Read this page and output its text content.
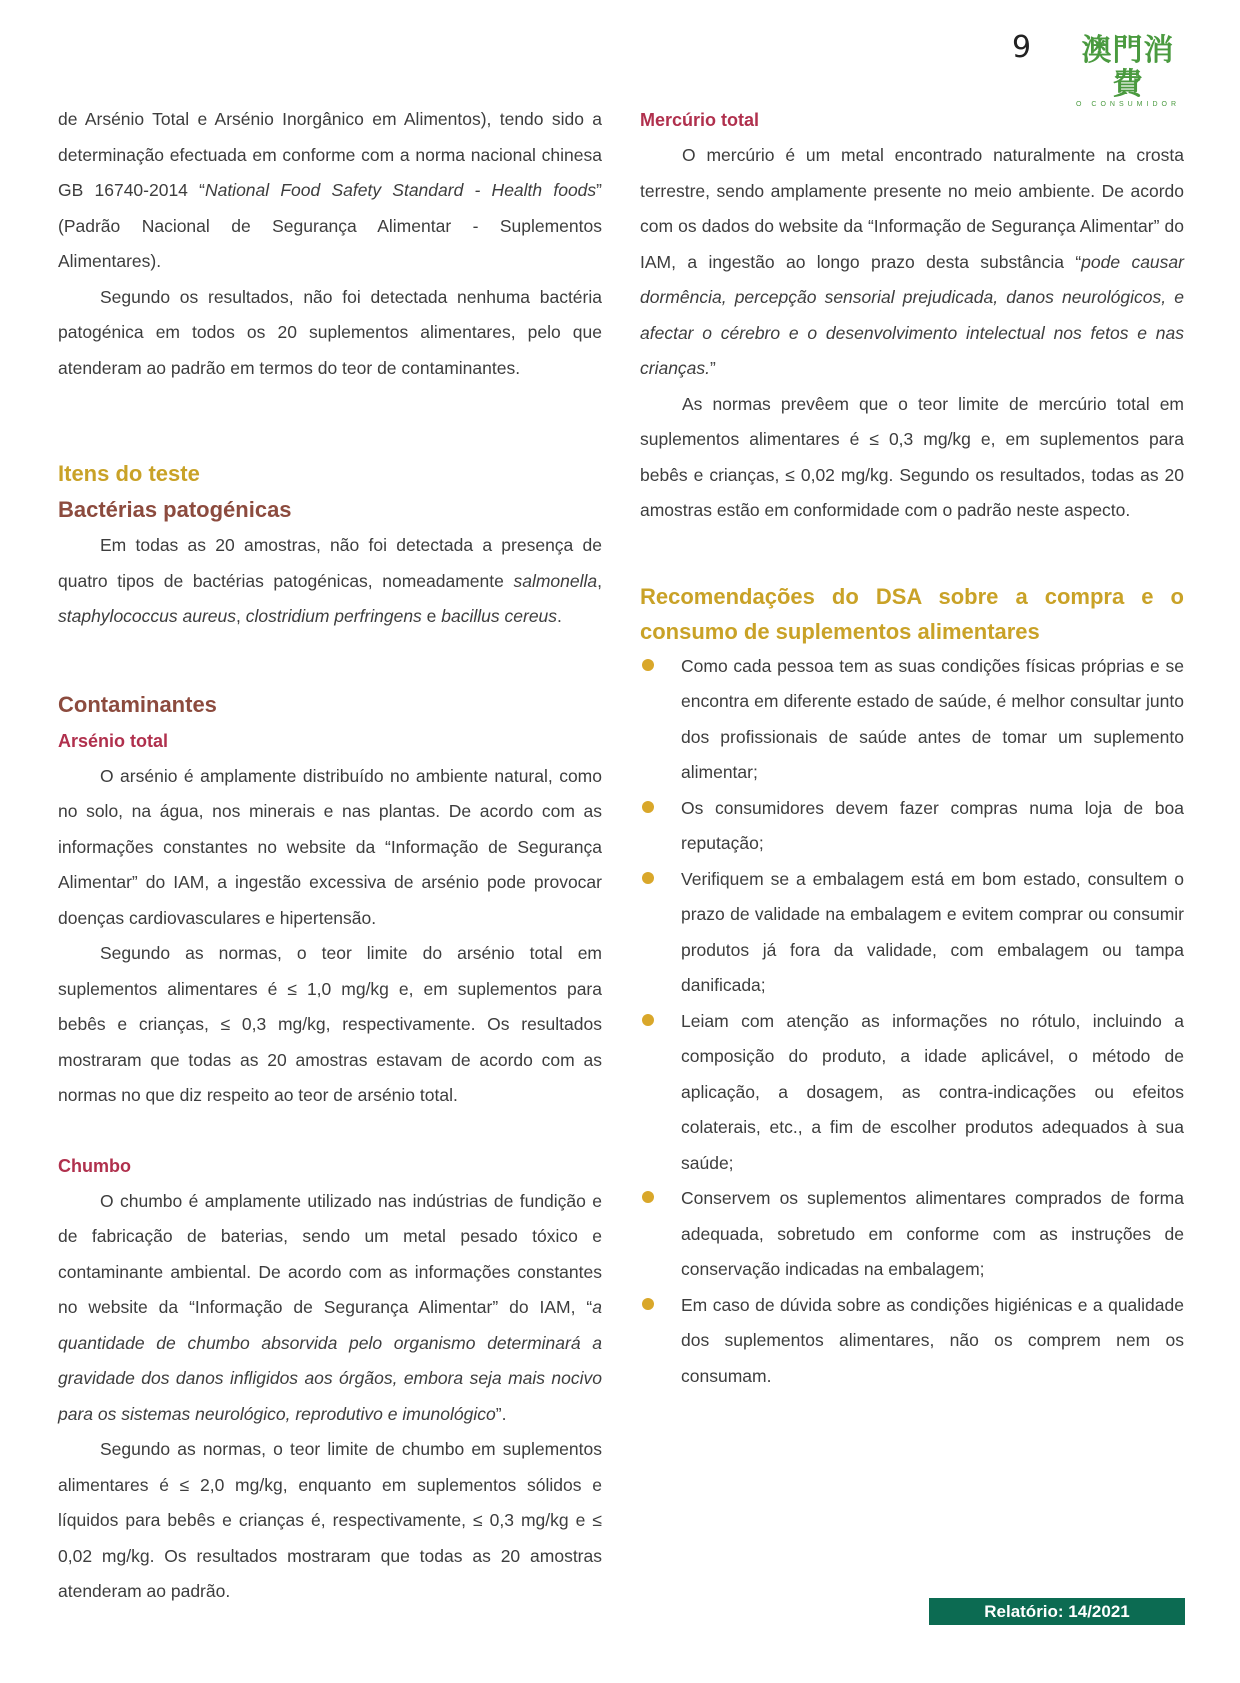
9	澳門消費
O CONSUMIDOR

de Arsénio Total e Arsénio Inorgânico em Alimentos), tendo sido a determinação efectuada em conforme com a norma nacional chinesa GB 16740-2014 “National Food Safety Standard - Health foods” (Padrão Nacional de Segurança Alimentar - Suplementos Alimentares).

Segundo os resultados, não foi detectada nenhuma bactéria patogénica em todos os 20 suplementos alimentares, pelo que atenderam ao padrão em termos do teor de contaminantes.

Itens do teste
Bactérias patogénicas

Em todas as 20 amostras, não foi detectada a presença de quatro tipos de bactérias patogénicas, nomeadamente salmonella, staphylococcus aureus, clostridium perfringens e bacillus cereus.

Contaminantes
Arsénio total

O arsénio é amplamente distribuído no ambiente natural, como no solo, na água, nos minerais e nas plantas. De acordo com as informações constantes no website da “Informação de Segurança Alimentar” do IAM, a ingestão excessiva de arsénio pode provocar doenças cardiovasculares e hipertensão.

Segundo as normas, o teor limite do arsénio total em suplementos alimentares é ≤ 1,0 mg/kg e, em suplementos para bebês e crianças, ≤ 0,3 mg/kg, respectivamente. Os resultados mostraram que todas as 20 amostras estavam de acordo com as normas no que diz respeito ao teor de arsénio total.

Chumbo

O chumbo é amplamente utilizado nas indústrias de fundição e de fabricação de baterias, sendo um metal pesado tóxico e contaminante ambiental. De acordo com as informações constantes no website da “Informação de Segurança Alimentar” do IAM, “a quantidade de chumbo absorvida pelo organismo determinará a gravidade dos danos infligidos aos órgãos, embora seja mais nocivo para os sistemas neurológico, reprodutivo e imunológico”.

Segundo as normas, o teor limite de chumbo em suplementos alimentares é ≤ 2,0 mg/kg, enquanto em suplementos sólidos e líquidos para bebês e crianças é, respectivamente, ≤ 0,3 mg/kg e ≤ 0,02 mg/kg. Os resultados mostraram que todas as 20 amostras atenderam ao padrão.

Mercúrio total

O mercúrio é um metal encontrado naturalmente na crosta terrestre, sendo amplamente presente no meio ambiente. De acordo com os dados do website da “Informação de Segurança Alimentar” do IAM, a ingestão ao longo prazo desta substância “pode causar dormência, percepção sensorial prejudicada, danos neurológicos, e afectar o cérebro e o desenvolvimento intelectual nos fetos e nas crianças.”

As normas prevêem que o teor limite de mercúrio total em suplementos alimentares é ≤ 0,3 mg/kg e, em suplementos para bebês e crianças, ≤ 0,02 mg/kg. Segundo os resultados, todas as 20 amostras estão em conformidade com o padrão neste aspecto.

Recomendações do DSA sobre a compra e o consumo de suplementos alimentares

Como cada pessoa tem as suas condições físicas próprias e se encontra em diferente estado de saúde, é melhor consultar junto dos profissionais de saúde antes de tomar um suplemento alimentar;

Os consumidores devem fazer compras numa loja de boa reputação;

Verifiquem se a embalagem está em bom estado, consultem o prazo de validade na embalagem e evitem comprar ou consumir produtos já fora da validade, com embalagem ou tampa danificada;

Leiam com atenção as informações no rótulo, incluindo a composição do produto, a idade aplicável, o método de aplicação, a dosagem, as contra-indicações ou efeitos colaterais, etc., a fim de escolher produtos adequados à sua saúde;

Conservem os suplementos alimentares comprados de forma adequada, sobretudo em conforme com as instruções de conservação indicadas na embalagem;

Em caso de dúvida sobre as condições higiénicas e a qualidade dos suplementos alimentares, não os comprem nem os consumam.

Relatório: 14/2021
